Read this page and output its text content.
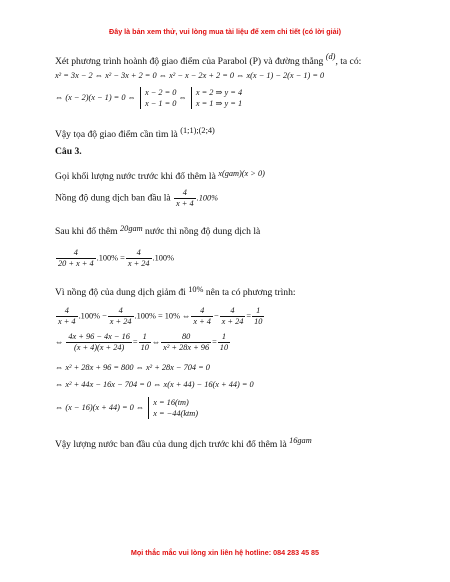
Đây là bản xem thử, vui lòng mua tài liệu để xem chi tiết (có lời giải)
Xét phương trình hoành độ giao điểm của Parabol (P) và đường thẳng (d), ta có:
x² = 3x − 2 ⇔ x² − 3x + 2 = 0 ⇔ x² − x − 2x + 2 = 0 ⇔ x(x − 1) − 2(x − 1) = 0
⇔ (x − 2)(x − 1) = 0 ⇔
x − 2 = 0
x − 1 = 0
⇔
x = 2 ⇒ y = 4
x = 1 ⇒ y = 1
Vậy tọa độ giao điểm cần tìm là (1;1);(2;4)
Câu 3.
Gọi khối lượng nước trước khi đổ thêm là x(gam)(x > 0)
Nồng độ dung dịch ban đầu là $\frac{4}{x + 4} .100\%$
Sau khi đổ thêm 20gam nước thì nồng độ dung dịch là
$\frac{4}{20 + x + 4} .100\% = \frac{4}{x + 24} .100\%$
Vì nồng độ của dung dịch giảm đi 10% nên ta có phương trình:
$\frac{4}{x + 4} .100\% - \frac{4}{x + 24} .100\% = 10\%$ ⇔ $\frac{4}{x + 4} - \frac{4}{x + 24} = \frac{1}{10}$
⇔ $\frac{4x + 96 - 4x - 16}{(x + 4)(x + 24)} = \frac{1}{10}$ ⇔ $\frac{80}{\text{x² + 28x + 96}} = \frac{1}{10}$
⇔ x² + 28x + 96 = 800 ⇔ x² + 28x − 704 = 0
⇔ x² + 44x − 16x − 704 = 0 ⇔ x(x + 44) − 16(x + 44) = 0
⇔ (x − 16)(x + 44) = 0 ⇔
x = 16(tm)
x = −44(ktm)
Vậy lượng nước ban đầu của dung dịch trước khi đổ thêm là 16gam
Mọi thắc mắc vui lòng xin liên hệ hotline: 084 283 45 85
